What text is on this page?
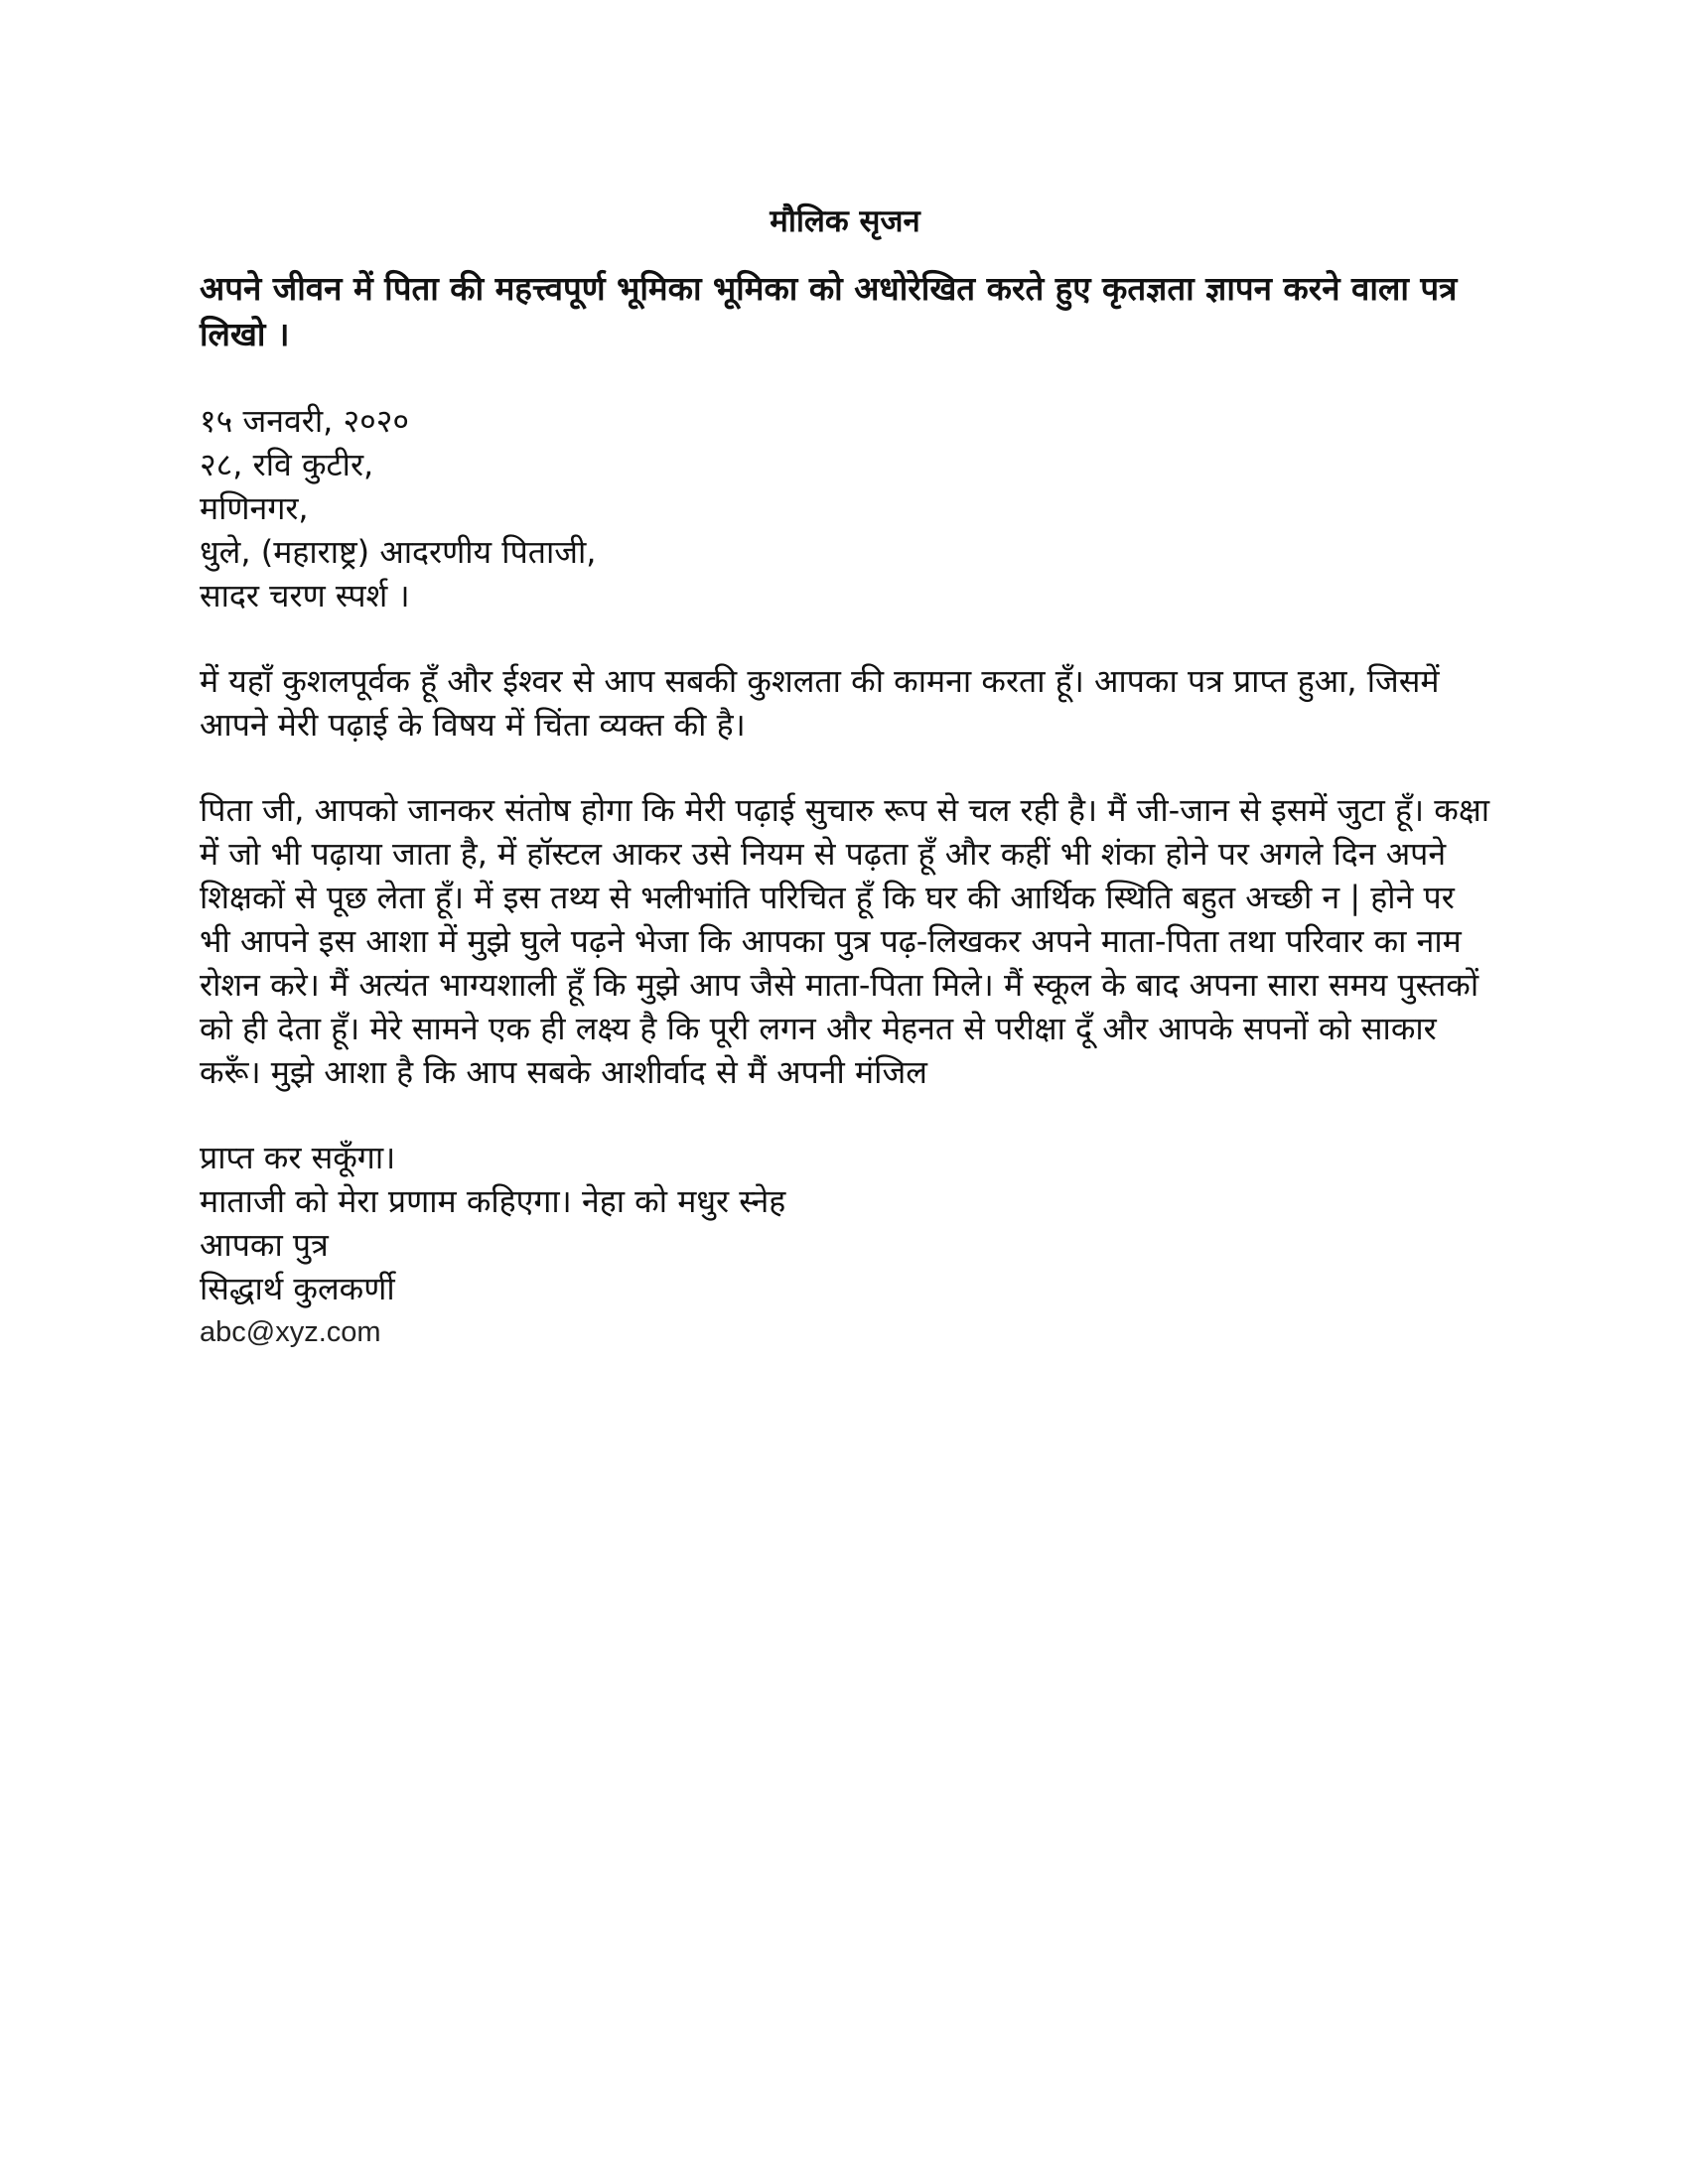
मौलिक सृजन
अपने जीवन में पिता की महत्त्वपूर्ण भूमिका भूमिका को अधोरेखित करते हुए कृतज्ञता ज्ञापन करने वाला पत्र लिखो ।
१५ जनवरी, २०२०
२८, रवि कुटीर,
मणिनगर,
धुले, (महाराष्ट्र) आदरणीय पिताजी,
सादर चरण स्पर्श ।
में यहाँ कुशलपूर्वक हूँ और ईश्वर से आप सबकी कुशलता की कामना करता हूँ। आपका पत्र प्राप्त हुआ, जिसमें आपने मेरी पढ़ाई के विषय में चिंता व्यक्त की है।
पिता जी, आपको जानकर संतोष होगा कि मेरी पढ़ाई सुचारु रूप से चल रही है। मैं जी-जान से इसमें जुटा हूँ। कक्षा में जो भी पढ़ाया जाता है, में हॉस्टल आकर उसे नियम से पढ़ता हूँ और कहीं भी शंका होने पर अगले दिन अपने शिक्षकों से पूछ लेता हूँ। में इस तथ्य से भलीभांति परिचित हूँ कि घर की आर्थिक स्थिति बहुत अच्छी न | होने पर भी आपने इस आशा में मुझे घुले पढ़ने भेजा कि आपका पुत्र पढ़-लिखकर अपने माता-पिता तथा परिवार का नाम रोशन करे। मैं अत्यंत भाग्यशाली हूँ कि मुझे आप जैसे माता-पिता मिले। मैं स्कूल के बाद अपना सारा समय पुस्तकों को ही देता हूँ। मेरे सामने एक ही लक्ष्य है कि पूरी लगन और मेहनत से परीक्षा दूँ और आपके सपनों को साकार करूँ। मुझे आशा है कि आप सबके आशीर्वाद से मैं अपनी मंजिल
प्राप्त कर सकूँगा।
माताजी को मेरा प्रणाम कहिएगा। नेहा को मधुर स्नेह
आपका पुत्र
सिद्धार्थ कुलकर्णी
abc@xyz.com
